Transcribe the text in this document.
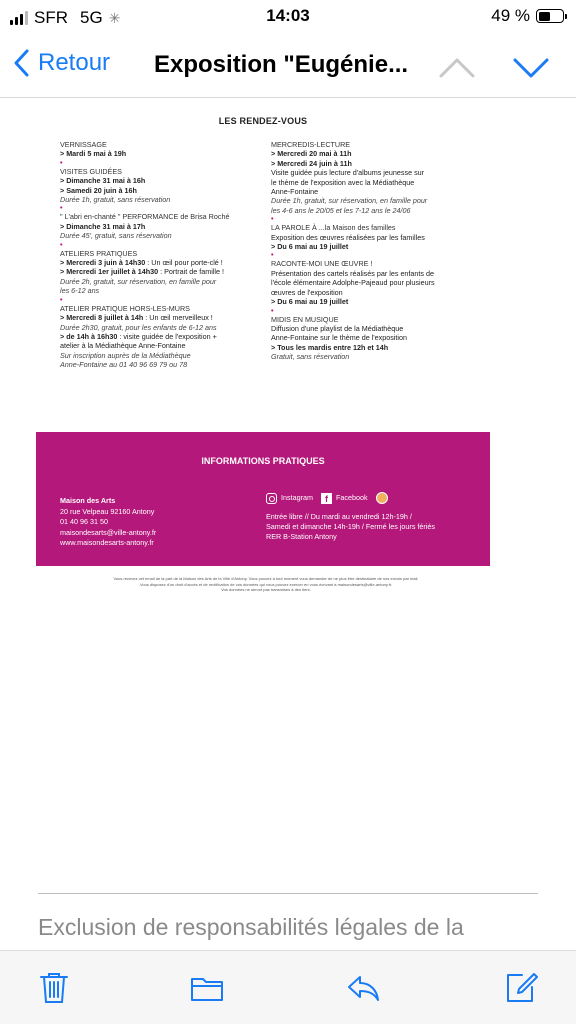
SFR 5G ✳	14:03	49 %
Retour Exposition "Eugénie...
LES RENDEZ-VOUS
VERNISSAGE
> Mardi 5 mai à 19h
•
VISITES GUIDÉES
> Dimanche 31 mai à 16h
> Samedi 20 juin à 16h
Durée 1h, gratuit, sans réservation
•
" L'abri en-chanté " PERFORMANCE de Brisa Roché
> Dimanche 31 mai à 17h
Durée 45', gratuit, sans réservation
•
ATELIERS PRATIQUES
> Mercredi 3 juin à 14h30 : Un œil pour porte-clé !
> Mercredi 1er juillet à 14h30 : Portrait de famille !
Durée 2h, gratuit, sur réservation, en famille pour
les 6-12 ans
•
ATELIER PRATIQUE HORS-LES-MURS
> Mercredi 8 juillet à 14h : Un œil merveilleux !
Durée 2h30, gratuit, pour les enfants de 6-12 ans
> de 14h à 16h30 : visite guidée de l'exposition +
atelier à la Médiathèque Anne-Fontaine
Sur inscription auprès de la Médiathèque
Anne-Fontaine au 01 40 96 69 79 ou 78
MERCREDIS-LECTURE
> Mercredi 20 mai à 11h
> Mercredi 24 juin à 11h
Visite guidée puis lecture d'albums jeunesse sur
le thème de l'exposition avec la Médiathèque
Anne-Fontaine
Durée 1h, gratuit, sur réservation, en famille pour
les 4-6 ans le 20/05 et les 7-12 ans le 24/06
•
LA PAROLE À ...la Maison des familles
Exposition des œuvres réalisées par les familles
> Du 6 mai au 19 juillet
•
RACONTE-MOI UNE ŒUVRE !
Présentation des cartels réalisés par les enfants de
l'école élémentaire Adolphe-Pajeaud pour plusieurs
œuvres de l'exposition
> Du 6 mai au 19 juillet
•
MIDIS EN MUSIQUE
Diffusion d'une playlist de la Médiathèque
Anne-Fontaine sur le thème de l'exposition
> Tous les mardis entre 12h et 14h
Gratuit, sans réservation
INFORMATIONS PRATIQUES
Maison des Arts
20 rue Velpeau 92160 Antony
01 40 96 31 50
maisondesarts@ville-antony.fr
www.maisondesarts-antony.fr
Instagram	f	Facebook
Entrée libre // Du mardi au vendredi 12h-19h /
Samedi et dimanche 14h-19h / Fermé les jours fériés
RER B-Station Antony
Vous recevez cet email de la part de la Maison des Arts de la Ville d'Antony. Vous pouvez à tout moment vous demander de ne plus être destinataire de nos envois par mail.
Vous disposez d'un droit d'accès et de rectification de vos données qui vous pouvez exercer en vous écrivant à maisondesarts@ville-antony.fr.
Vos données ne seront pas transmises à des tiers.
Exclusion de responsabilités légales de la
